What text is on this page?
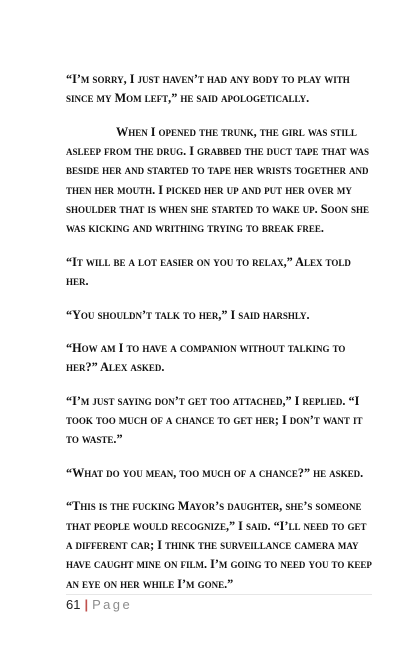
“I’m sorry, I just haven’t had any body to play with since my Mom left,” he said apologetically.

When I opened the trunk, the girl was still asleep from the drug. I grabbed the duct tape that was beside her and started to tape her wrists together and then her mouth. I picked her up and put her over my shoulder that is when she started to wake up. Soon she was kicking and writhing trying to break free.

“It will be a lot easier on you to relax,” Alex told her.

“You shouldn’t talk to her,” I said harshly.

“How am I to have a companion without talking to her?” Alex asked.

“I’m just saying don’t get too attached,” I replied. “I took too much of a chance to get her; I don’t want it to waste.”

“What do you mean, too much of a chance?” he asked.

“This is the fucking Mayor’s daughter, she’s someone that people would recognize,” I said. “I’ll need to get a different car; I think the surveillance camera may have caught mine on film. I’m going to need you to keep an eye on her while I’m gone.”

61 | Page
